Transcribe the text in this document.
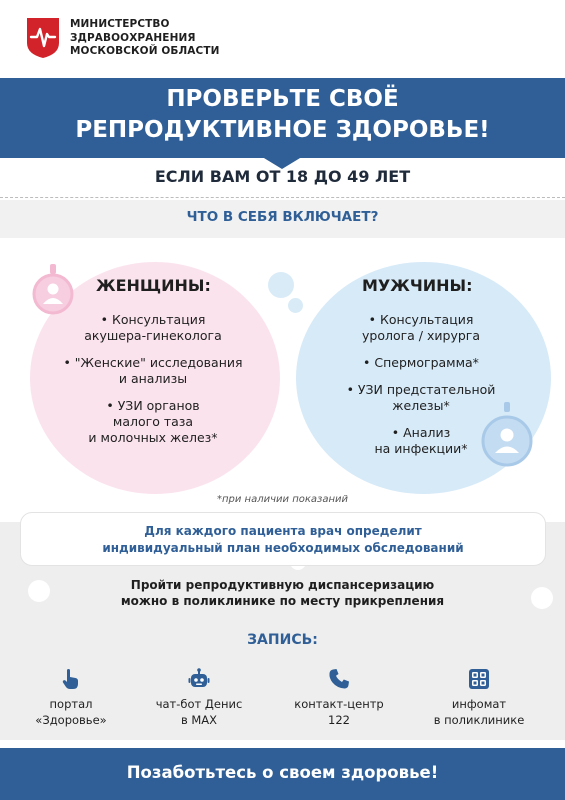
МИНИСТЕРСТВО
ЗДРАВООХРАНЕНИЯ
МОСКОВСКОЙ ОБЛАСТИ
ПРОВЕРЬТЕ СВОЁ
РЕПРОДУКТИВНОЕ ЗДОРОВЬЕ!
ЕСЛИ ВАМ ОТ 18 ДО 49 ЛЕТ
ЧТО В СЕБЯ ВКЛЮЧАЕТ?
ЖЕНЩИНЫ:	МУЖЧИНЫ:
• Консультация
акушера-гинеколога
• "Женские" исследования
и анализы
• УЗИ органов
малого таза
и молочных желез*
• Консультация
уролога / хирурга
• Спермограмма*
• УЗИ предстательной
железы*
• Анализ
на инфекции*
*при наличии показаний
Для каждого пациента врач определит
индивидуальный план необходимых обследований
Пройти репродуктивную диспансеризацию
можно в поликлинике по месту прикрепления
ЗАПИСЬ:
портал
«Здоровье»
чат-бот Денис
в MAX
контакт-центр
122
инфомат
в поликлинике
Позаботьтесь о своем здоровье!
